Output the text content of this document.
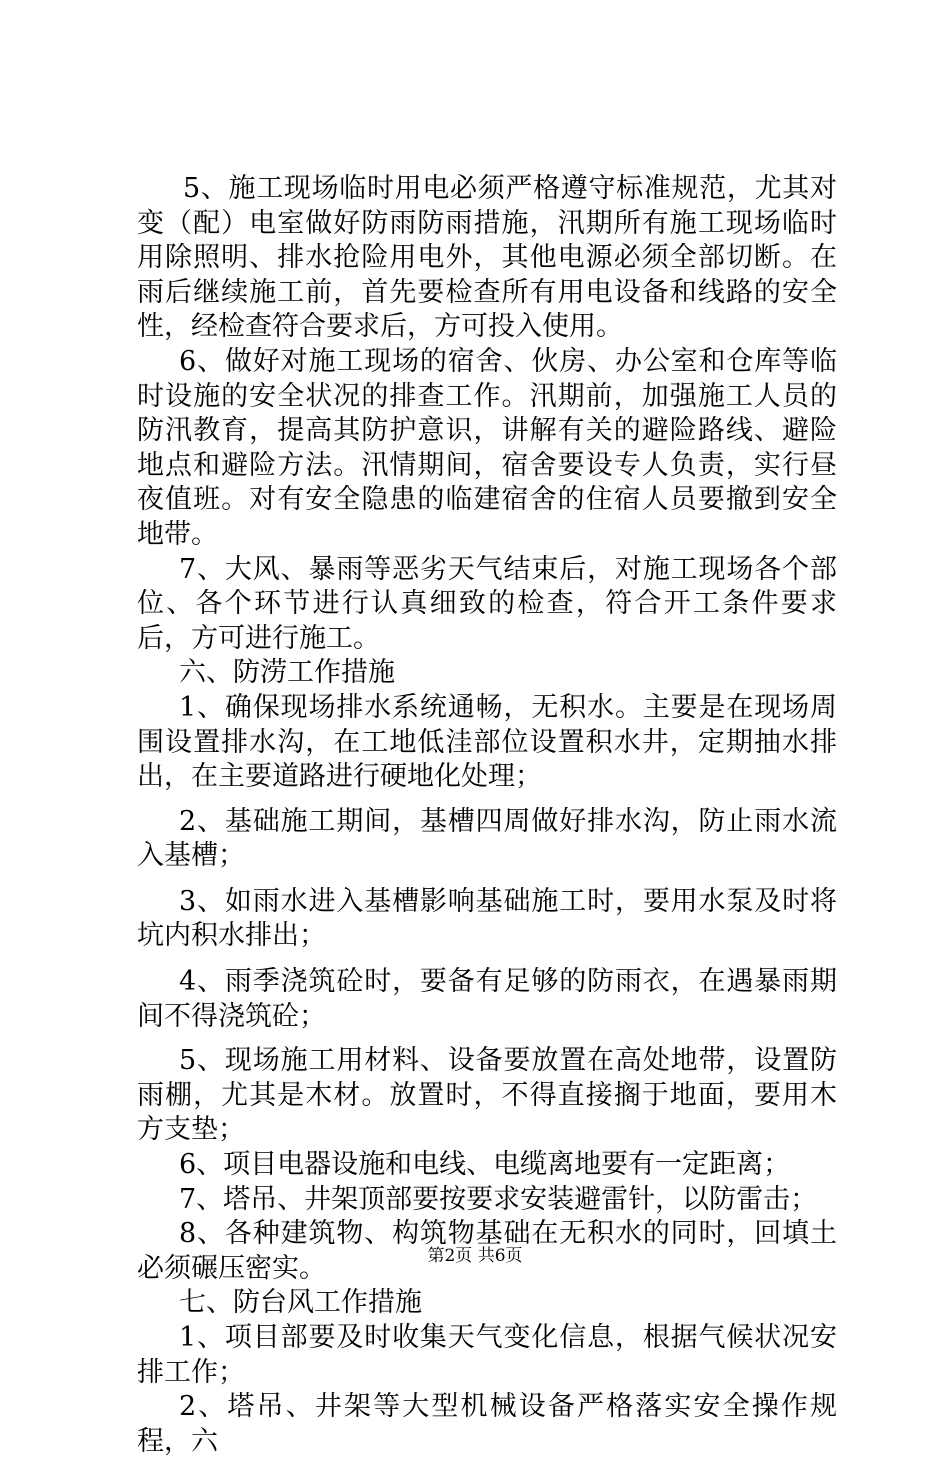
5、施工现场临时用电必须严格遵守标准规范，尤其对变（配）电室做好防雨防雨措施，汛期所有施工现场临时用除照明、排水抢险用电外，其他电源必须全部切断。在雨后继续施工前，首先要检查所有用电设备和线路的安全性，经检查符合要求后，方可投入使用。

6、做好对施工现场的宿舍、伙房、办公室和仓库等临时设施的安全状况的排查工作。汛期前，加强施工人员的防汛教育，提高其防护意识，讲解有关的避险路线、避险地点和避险方法。汛情期间，宿舍要设专人负责，实行昼夜值班。对有安全隐患的临建宿舍的住宿人员要撤到安全地带。

7、大风、暴雨等恶劣天气结束后，对施工现场各个部位、各个环节进行认真细致的检查，符合开工条件要求后，方可进行施工。

六、防涝工作措施

1、确保现场排水系统通畅，无积水。主要是在现场周围设置排水沟，在工地低洼部位设置积水井，定期抽水排出，在主要道路进行硬地化处理；

2、基础施工期间，基槽四周做好排水沟，防止雨水流入基槽；

3、如雨水进入基槽影响基础施工时，要用水泵及时将坑内积水排出；

4、雨季浇筑砼时，要备有足够的防雨衣，在遇暴雨期间不得浇筑砼；

5、现场施工用材料、设备要放置在高处地带，设置防雨棚，尤其是木材。放置时，不得直接搁于地面，要用木方支垫；

6、项目电器设施和电线、电缆离地要有一定距离；

7、塔吊、井架顶部要按要求安装避雷针，以防雷击；

8、各种建筑物、构筑物基础在无积水的同时，回填土必须碾压密实。

七、防台风工作措施

1、项目部要及时收集天气变化信息，根据气候状况安排工作；

2、塔吊、井架等大型机械设备严格落实安全操作规程，六

第2页 共6页
